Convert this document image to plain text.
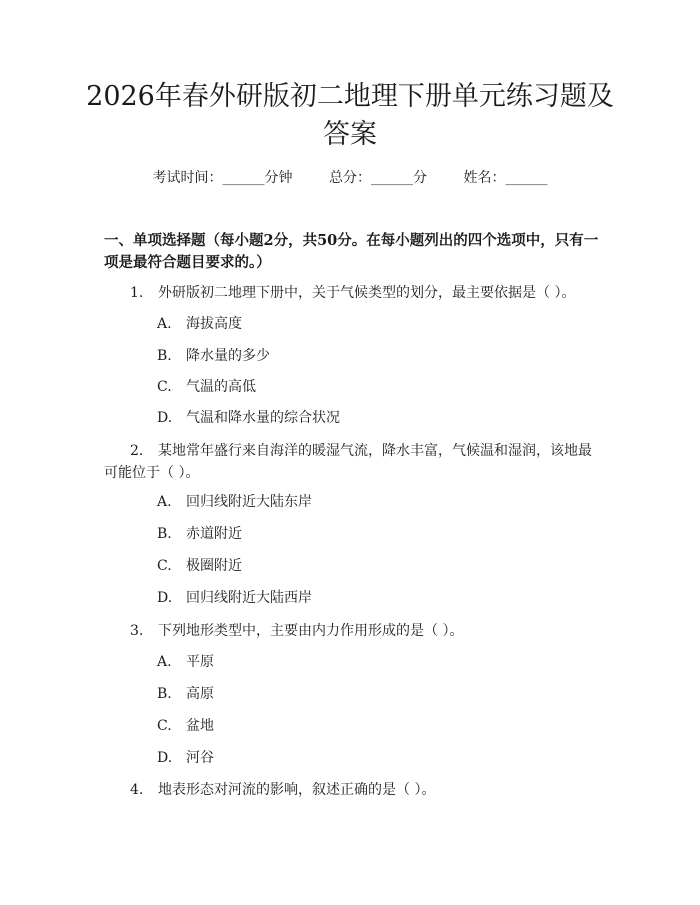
2026年春外研版初二地理下册单元练习题及答案
考试时间：______分钟	总分：______分	姓名：______

一、单项选择题（每小题2分，共50分。在每小题列出的四个选项中，只有一项是最符合题目要求的。）

1. 外研版初二地理下册中，关于气候类型的划分，最主要依据是（ ）。

A. 海拔高度

B. 降水量的多少

C. 气温的高低

D. 气温和降水量的综合状况

2. 某地常年盛行来自海洋的暖湿气流，降水丰富，气候温和湿润，该地最可能位于（ ）。

A. 回归线附近大陆东岸

B. 赤道附近

C. 极圈附近

D. 回归线附近大陆西岸

3. 下列地形类型中，主要由内力作用形成的是（ ）。

A. 平原

B. 高原

C. 盆地

D. 河谷

4. 地表形态对河流的影响，叙述正确的是（ ）。
